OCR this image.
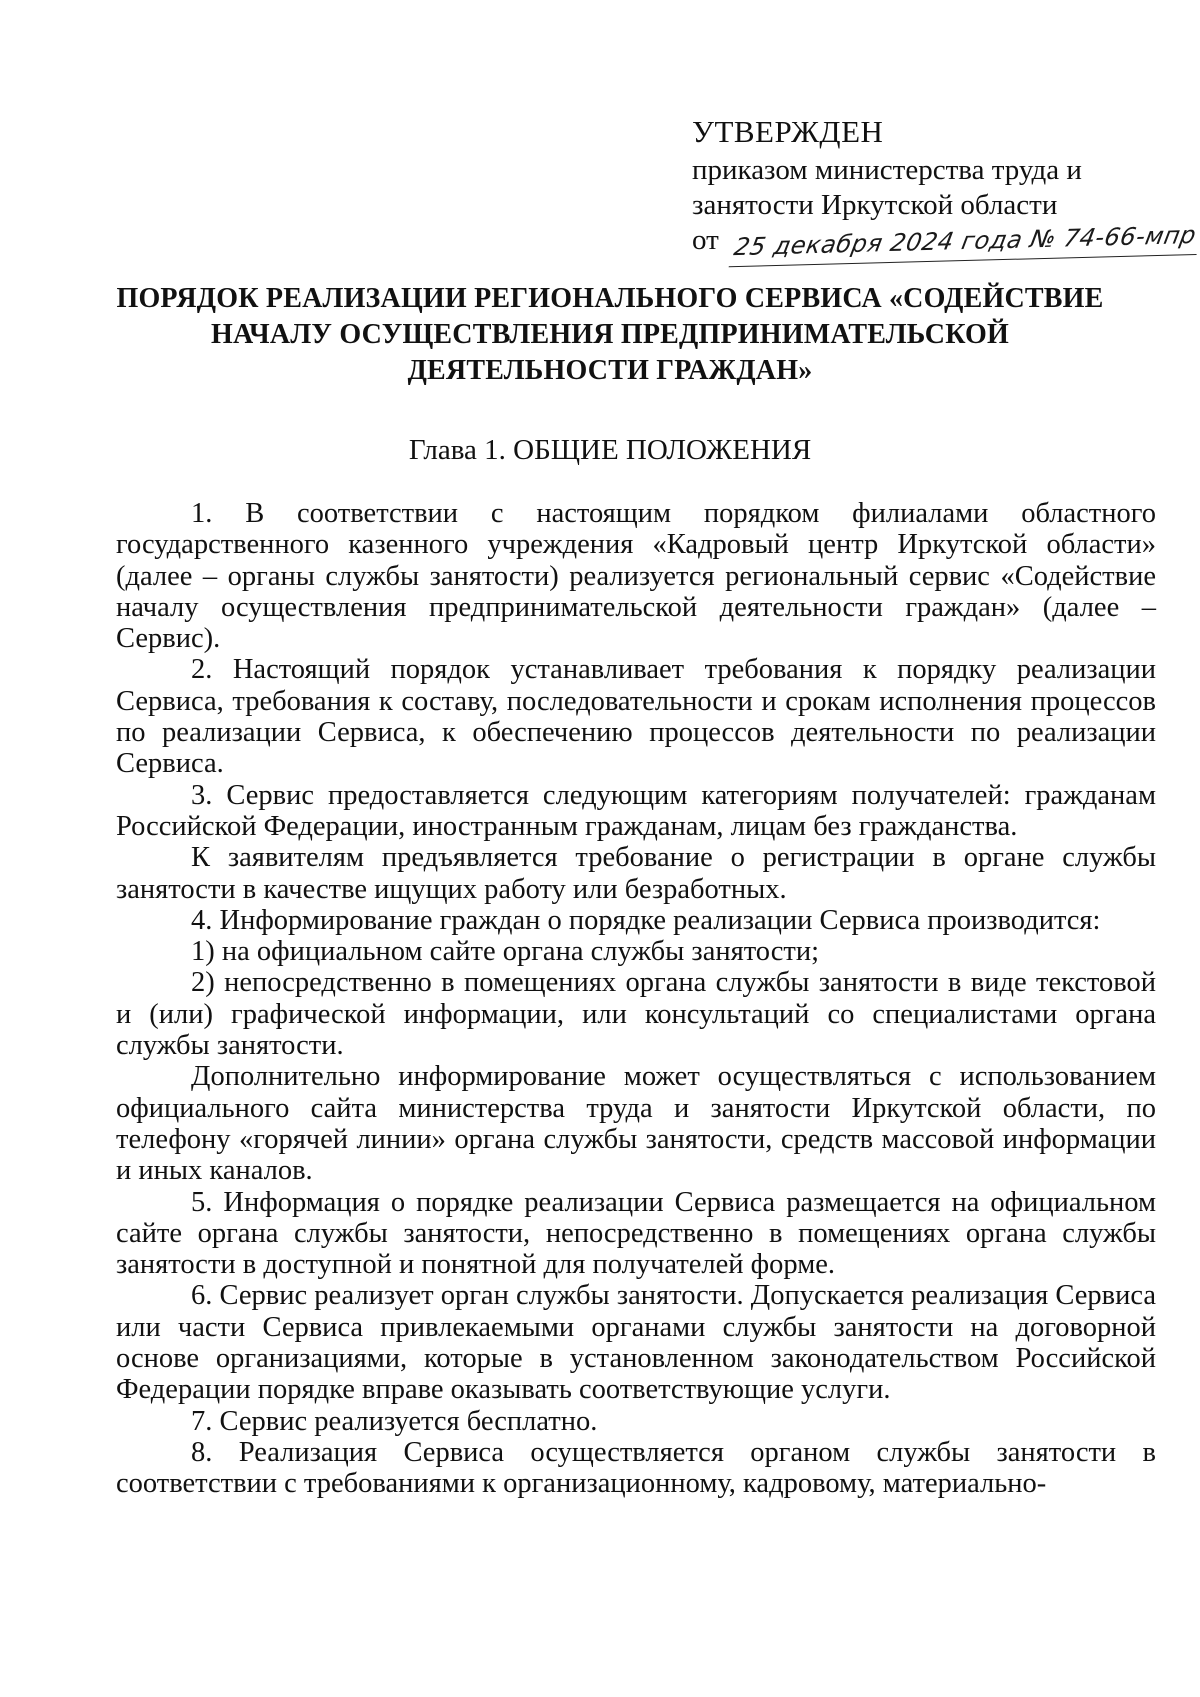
УТВЕРЖДЕН
приказом министерства труда и
занятости Иркутской области
от 25 декабря 2024 года № 74-66-мпр
ПОРЯДОК РЕАЛИЗАЦИИ РЕГИОНАЛЬНОГО СЕРВИСА «СОДЕЙСТВИЕ
НАЧАЛУ ОСУЩЕСТВЛЕНИЯ ПРЕДПРИНИМАТЕЛЬСКОЙ
ДЕЯТЕЛЬНОСТИ ГРАЖДАН»
Глава 1. ОБЩИЕ ПОЛОЖЕНИЯ

1. В соответствии с настоящим порядком филиалами областного государственного казенного учреждения «Кадровый центр Иркутской области» (далее – органы службы занятости) реализуется региональный сервис «Содействие началу осуществления предпринимательской деятельности граждан» (далее – Сервис).

2. Настоящий порядок устанавливает требования к порядку реализации Сервиса, требования к составу, последовательности и срокам исполнения процессов по реализации Сервиса, к обеспечению процессов деятельности по реализации Сервиса.

3. Сервис предоставляется следующим категориям получателей: гражданам Российской Федерации, иностранным гражданам, лицам без гражданства.

К заявителям предъявляется требование о регистрации в органе службы занятости в качестве ищущих работу или безработных.

4. Информирование граждан о порядке реализации Сервиса производится:

1) на официальном сайте органа службы занятости;

2) непосредственно в помещениях органа службы занятости в виде текстовой и (или) графической информации, или консультаций со специалистами органа службы занятости.

Дополнительно информирование может осуществляться с использованием официального сайта министерства труда и занятости Иркутской области, по телефону «горячей линии» органа службы занятости, средств массовой информации и иных каналов.

5. Информация о порядке реализации Сервиса размещается на официальном сайте органа службы занятости, непосредственно в помещениях органа службы занятости в доступной и понятной для получателей форме.

6. Сервис реализует орган службы занятости. Допускается реализация Сервиса или части Сервиса привлекаемыми органами службы занятости на договорной основе организациями, которые в установленном законодательством Российской Федерации порядке вправе оказывать соответствующие услуги.

7. Сервис реализуется бесплатно.

8. Реализация Сервиса осуществляется органом службы занятости в соответствии с требованиями к организационному, кадровому, материально-
